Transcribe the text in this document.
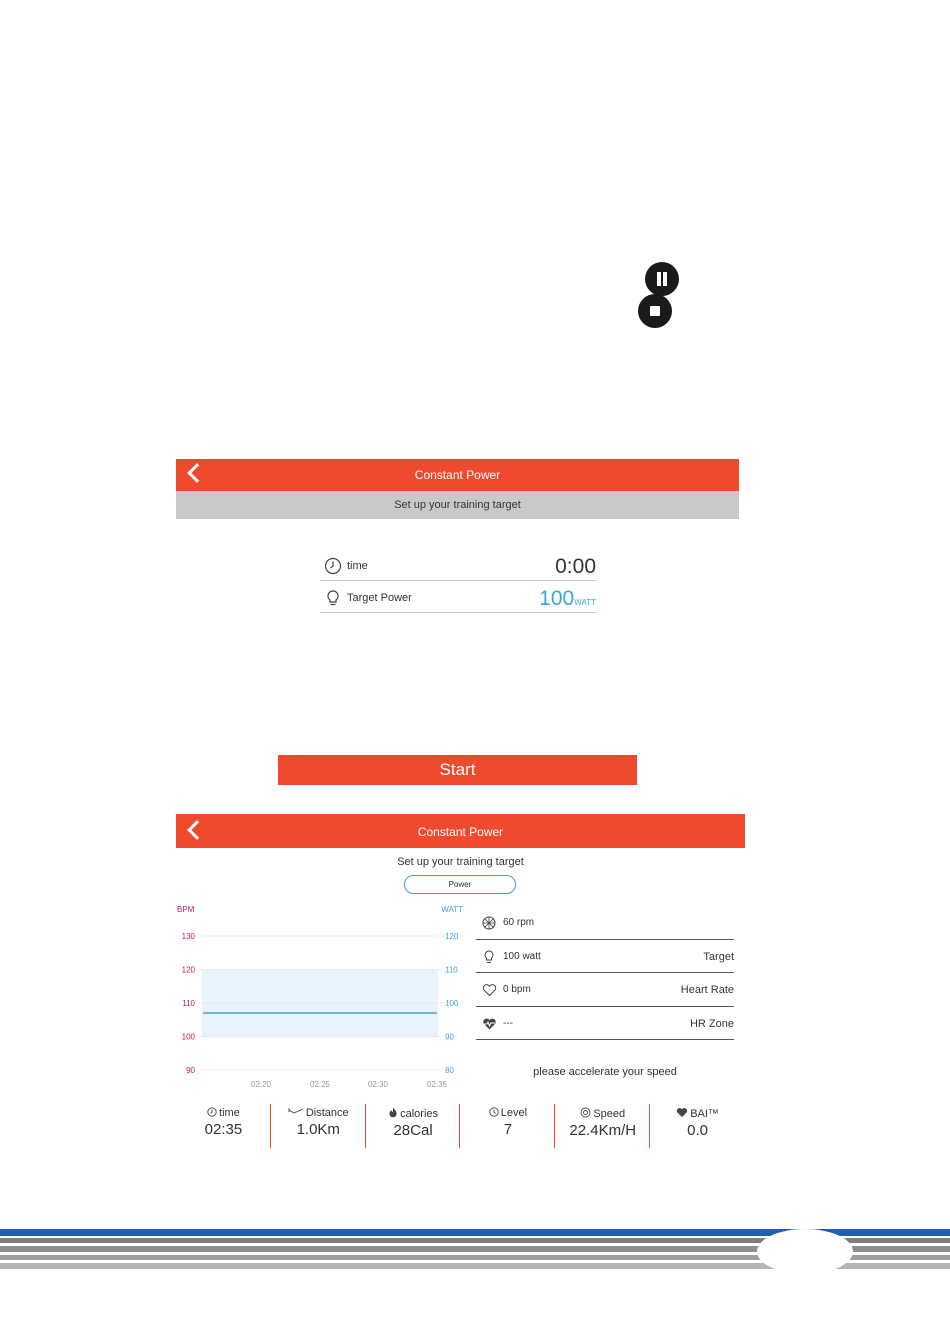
Constant Power
Set up your training target
time	0:00
Target Power	100WATT
Start
Constant Power
Set up your training target
Power
BPM	WATT
130	120
120	110
110	100
100	90
90	80
02:20	02:25	02:30	02:35
60 rpm
100 watt	Target
0 bpm	Heart Rate
---	HR Zone
please accelerate your speed
time
02:35
Distance
1.0Km
calories
28Cal
Level
7
Speed
22.4Km/H
BAI™
0.0
